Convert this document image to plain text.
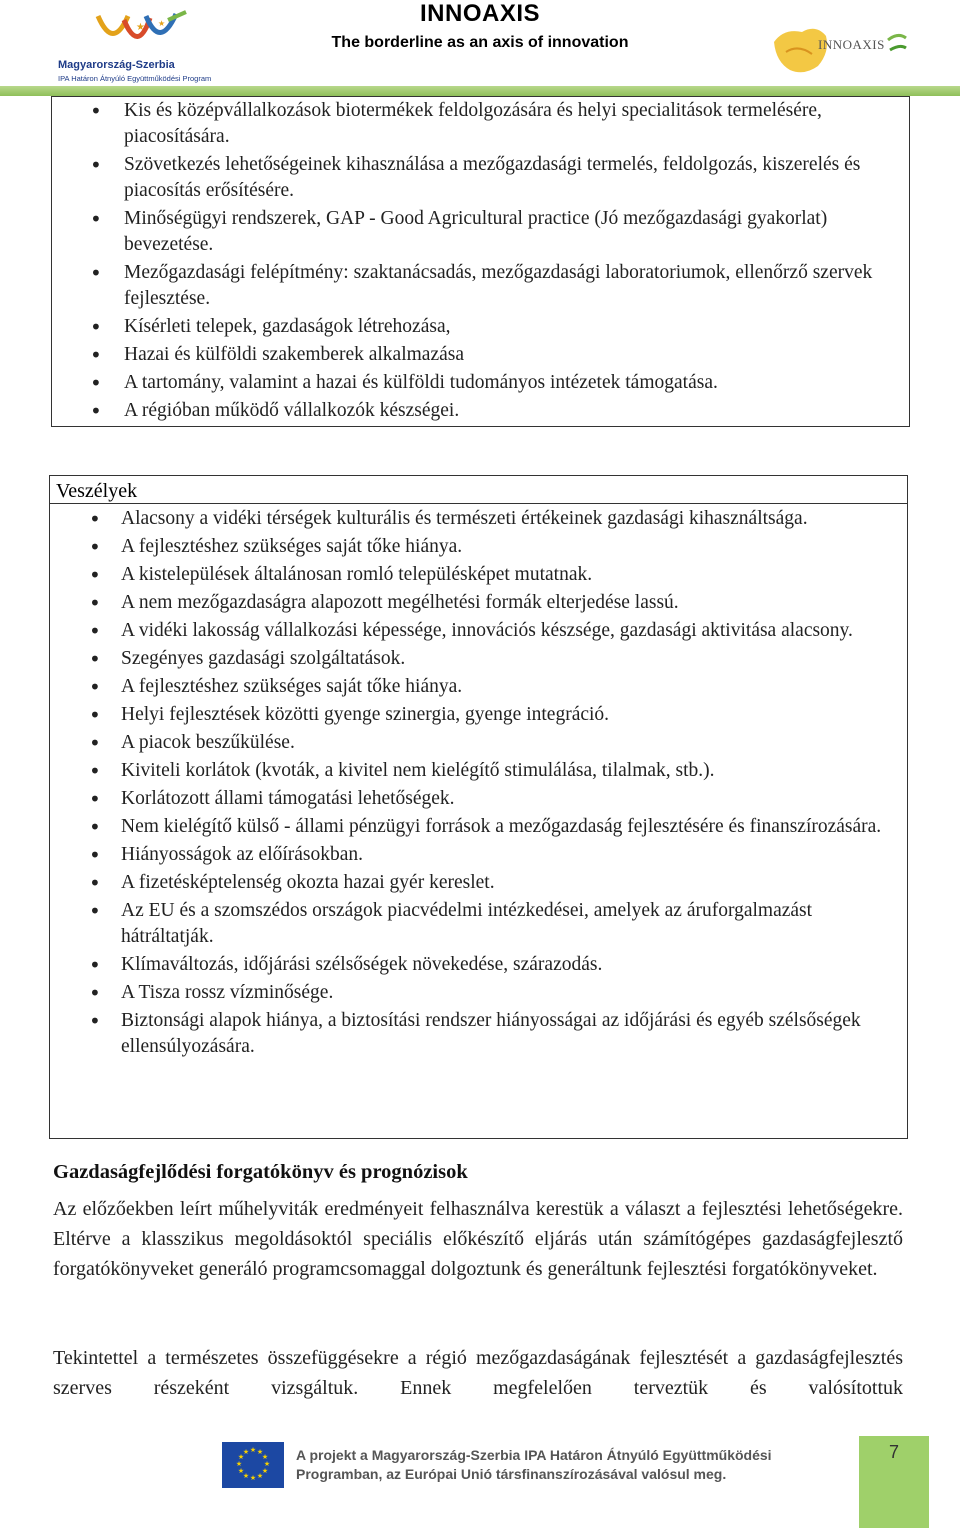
★ ★
Magyarország-Szerbia
IPA Határon Átnyúló Együttműködési Program
INNOAXIS
The borderline as an axis of innovation	INNOAXIS
• Kis és középvállalkozások biotermékek feldolgozására és helyi specialitások termelésére, piacosítására.
• Szövetkezés lehetőségeinek kihasználása a mezőgazdasági termelés, feldolgozás, kiszerelés és piacosítás erősítésére.
• Minőségügyi rendszerek, GAP - Good Agricultural practice (Jó mezőgazdasági gyakorlat) bevezetése.
• Mezőgazdasági felépítmény: szaktanácsadás, mezőgazdasági laboratoriumok, ellenőrző szervek fejlesztése.
• Kísérleti telepek, gazdaságok létrehozása,
• Hazai és külföldi szakemberek alkalmazása
• A tartomány, valamint a hazai és külföldi tudományos intézetek támogatása.
• A régióban működő vállalkozók készségei.
Veszélyek
• Alacsony a vidéki térségek kulturális és természeti értékeinek gazdasági kihasználtsága.
• A fejlesztéshez szükséges saját tőke hiánya.
• A kistelepülések általánosan romló településképet mutatnak.
• A nem mezőgazdaságra alapozott megélhetési formák elterjedése lassú.
• A vidéki lakosság vállalkozási képessége, innovációs készsége, gazdasági aktivitása alacsony.
• Szegényes gazdasági szolgáltatások.
• A fejlesztéshez szükséges saját tőke hiánya.
• Helyi fejlesztések közötti gyenge szinergia, gyenge integráció.
• A piacok beszűkülése.
• Kiviteli korlátok (kvoták, a kivitel nem kielégítő stimulálása, tilalmak, stb.).
• Korlátozott állami támogatási lehetőségek.
• Nem kielégítő külső - állami pénzügyi források a mezőgazdaság fejlesztésére és finanszírozására.
• Hiányosságok az előírásokban.
• A fizetésképtelenség okozta hazai gyér kereslet.
• Az EU és a szomszédos országok piacvédelmi intézkedései, amelyek az áruforgalmazást hátráltatják.
• Klímaváltozás, időjárási szélsőségek növekedése, szárazodás.
• A Tisza rossz vízminősége.
• Biztonsági alapok hiánya, a biztosítási rendszer hiányosságai az időjárási és egyéb szélsőségek ellensúlyozására.
Gazdaságfejlődési forgatókönyv és prognózisok
Az előzőekben leírt műhelyviták eredményeit felhasználva kerestük a választ a fejlesztési lehetőségekre. Eltérve a klasszikus megoldásoktól speciális előkészítő eljárás után számítógépes gazdaságfejlesztő forgatókönyveket generáló programcsomaggal dolgoztunk és generáltunk fejlesztési forgatókönyveket.
Tekintettel a természetes összefüggésekre a régió mezőgazdaságának fejlesztését a gazdaságfejlesztés szerves részeként vizsgáltuk. Ennek megfelelően terveztük és valósítottuk
★ ★
★
★
★
★
★
★
★
★
★
★	A projekt a Magyarország-Szerbia IPA Határon Átnyúló Együttműködési
Programban, az Európai Unió társfinanszírozásával valósul meg.
7
